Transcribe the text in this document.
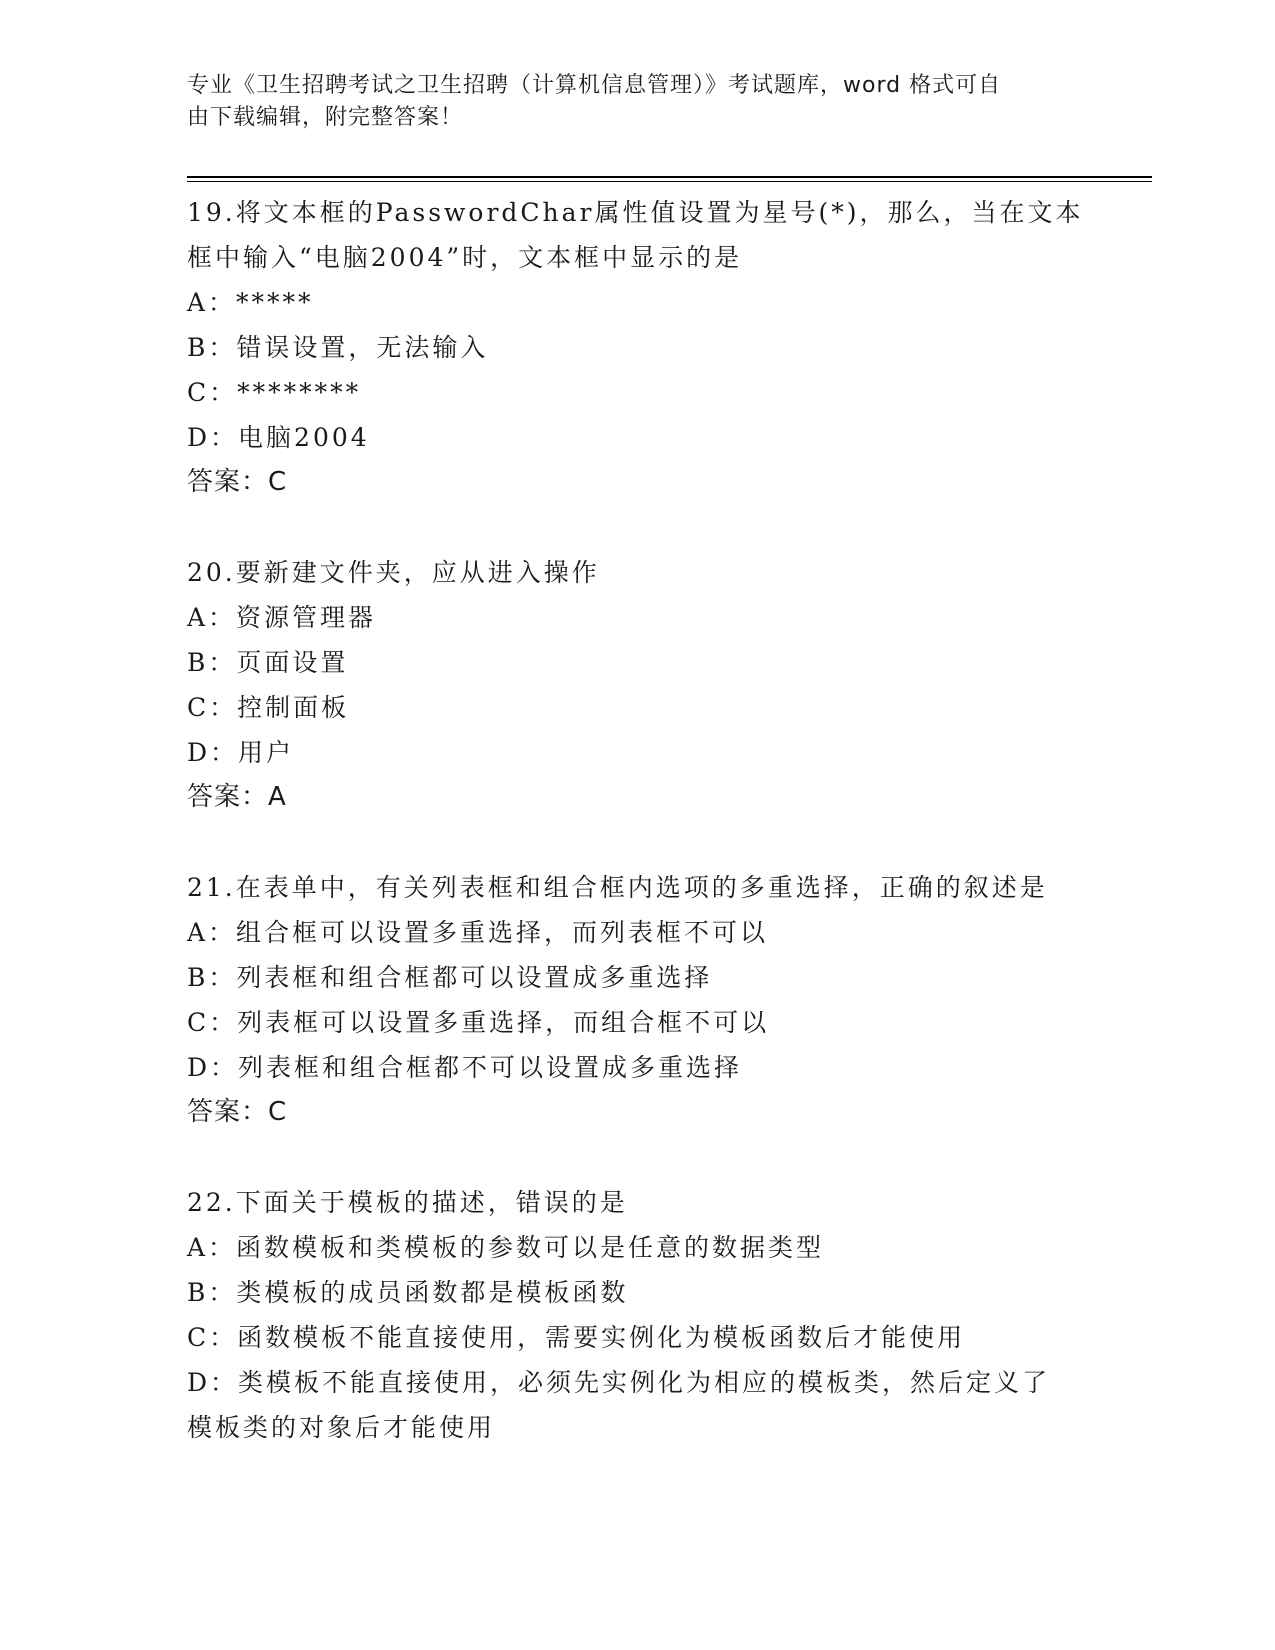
专业《卫生招聘考试之卫生招聘（计算机信息管理）》考试题库，word 格式可自
由下载编辑，附完整答案！
19.将文本框的PasswordChar属性值设置为星号(*)，那么，当在文本
框中输入“电脑2004”时，文本框中显示的是
A：*****
B：错误设置，无法输入
C：********
D：电脑2004
答案：C
20.要新建文件夹，应从进入操作
A：资源管理器
B：页面设置
C：控制面板
D：用户
答案：A
21.在表单中，有关列表框和组合框内选项的多重选择，正确的叙述是
A：组合框可以设置多重选择，而列表框不可以
B：列表框和组合框都可以设置成多重选择
C：列表框可以设置多重选择，而组合框不可以
D：列表框和组合框都不可以设置成多重选择
答案：C
22.下面关于模板的描述，错误的是
A：函数模板和类模板的参数可以是任意的数据类型
B：类模板的成员函数都是模板函数
C：函数模板不能直接使用，需要实例化为模板函数后才能使用
D：类模板不能直接使用，必须先实例化为相应的模板类，然后定义了
模板类的对象后才能使用
